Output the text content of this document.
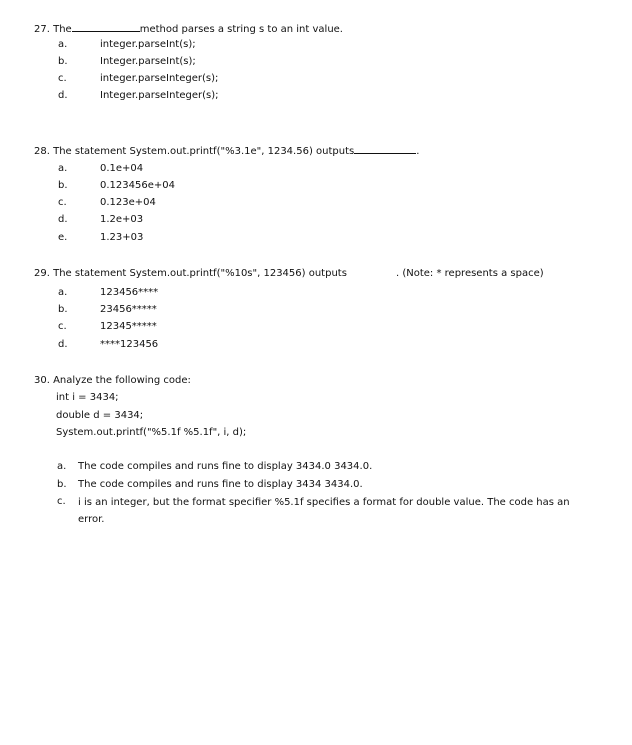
27. The	method parses a string s to an int value.
a.	integer.parseInt(s);
b.	Integer.parseInt(s);
c.	integer.parseInteger(s);
d.	Integer.parseInteger(s);
28. The statement System.out.printf("%3.1e", 1234.56) outputs	.
a.	0.1e+04
b.	0.123456e+04
c.	0.123e+04
d.	1.2e+03
e.	1.23+03
29. The statement System.out.printf("%10s", 123456) outputs	. (Note: * represents a space)
a.	123456****
b.	23456*****
c.	12345*****
d.	****123456
30. Analyze the following code:
int i = 3434;
double d = 3434;
System.out.printf("%5.1f %5.1f", i, d);
a. The code compiles and runs fine to display 3434.0 3434.0.
b. The code compiles and runs fine to display 3434 3434.0.
c. i is an integer, but the format specifier %5.1f specifies a format for double value. The code has an error.
